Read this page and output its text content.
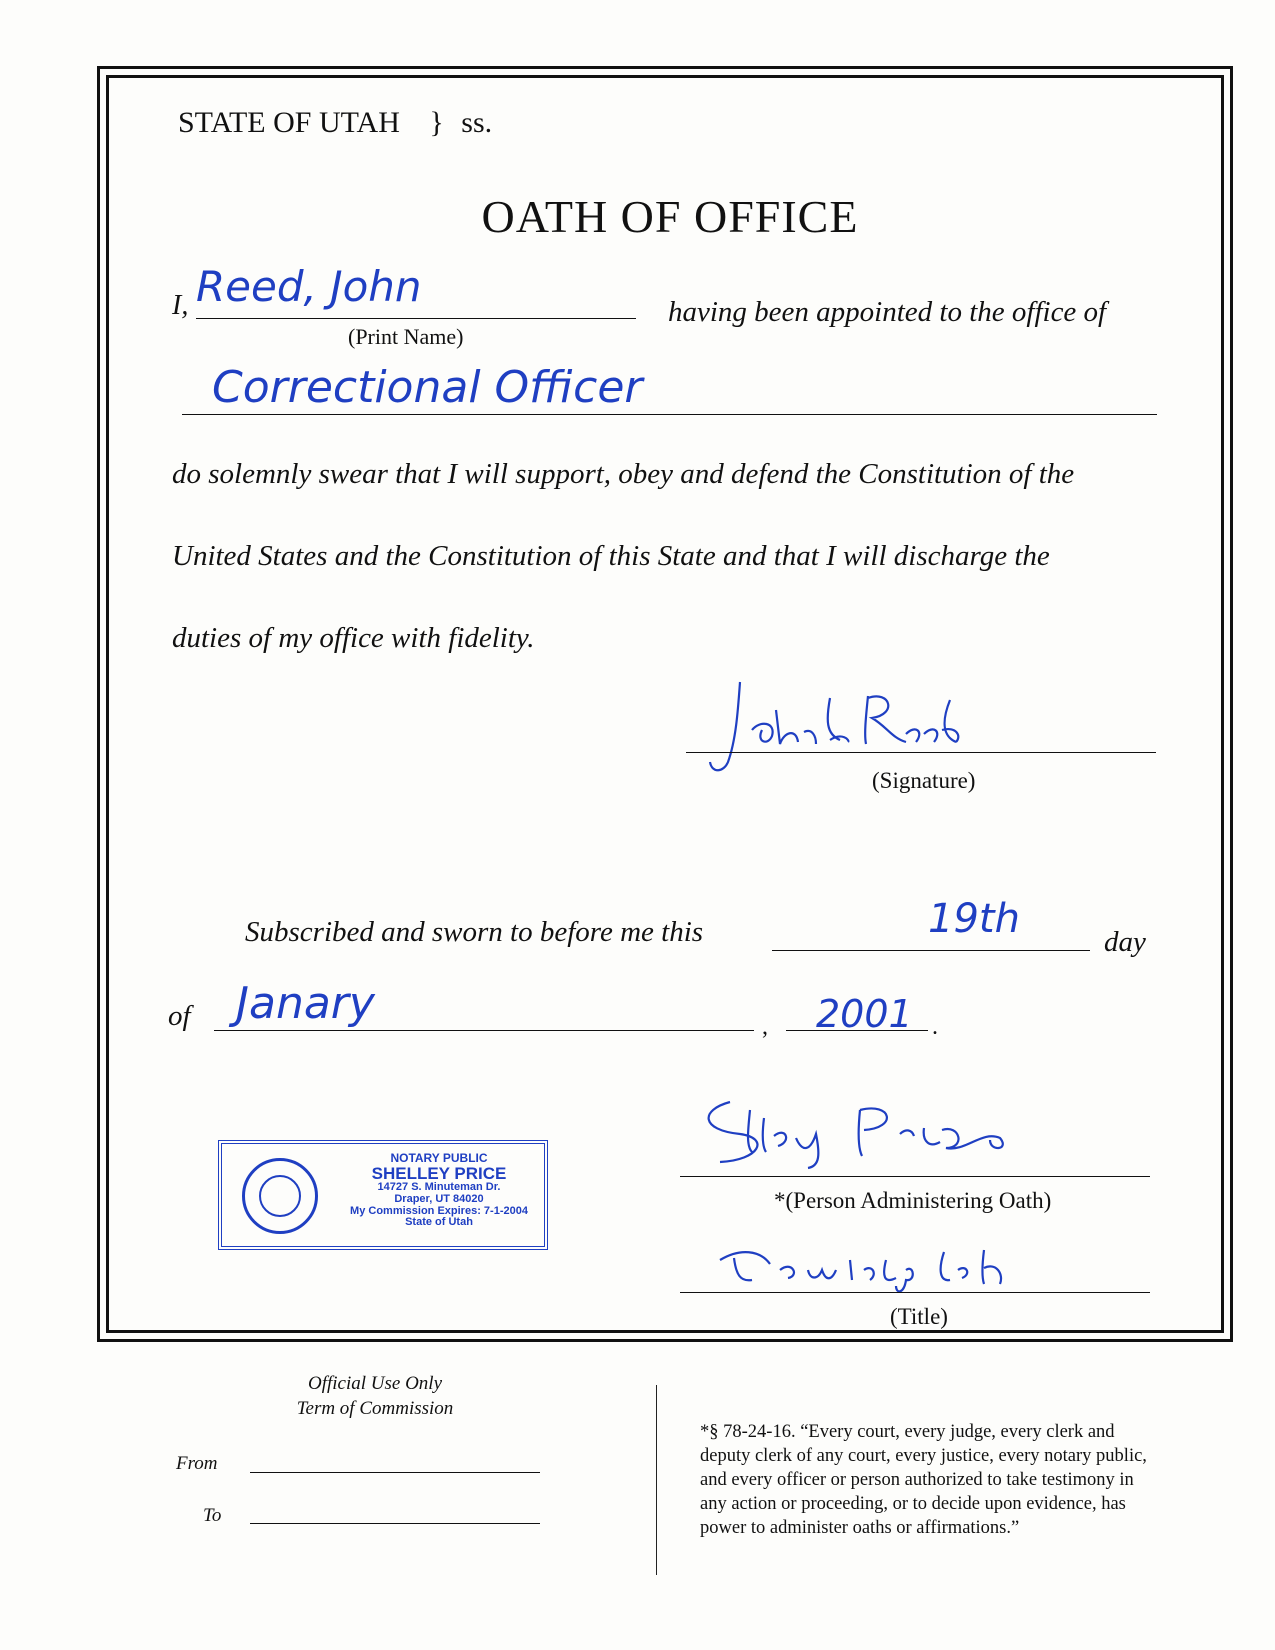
STATE OF UTAH } ss.
OATH OF OFFICE
I, Reed, John
(Print Name)
having been appointed to the office of
Correctional Officer
do solemnly swear that I will support, obey and defend the Constitution of the
United States and the Constitution of this State and that I will discharge the
duties of my office with fidelity.
(Signature)
Subscribed and sworn to before me this	19th	day
of Janary	, 2001 .
NOTARY PUBLIC
SHELLEY PRICE
14727 S. Minuteman Dr.
Draper, UT 84020
My Commission Expires: 7-1-2004
State of Utah
*(Person Administering Oath)
(Title)
Official Use Only
Term of Commission
From
To
*§ 78-24-16. “Every court, every judge, every clerk and
deputy clerk of any court, every justice, every notary public,
and every officer or person authorized to take testimony in
any action or proceeding, or to decide upon evidence, has
power to administer oaths or affirmations.”
